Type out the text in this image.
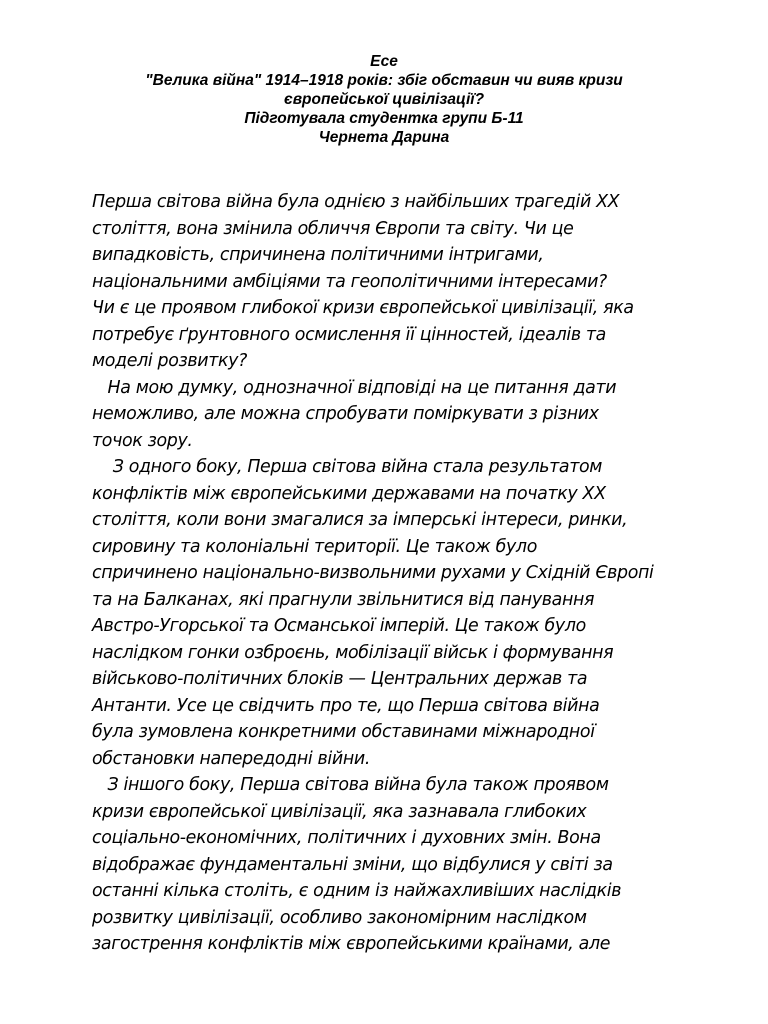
Есе
"Велика війна" 1914–1918 років: збіг обставин чи вияв кризи
європейської цивілізації?
Підготувала студентка групи Б-11
Чернета Дарина
Перша світова війна була однією з найбільших трагедій ХХ
століття, вона змінила обличчя Європи та світу. Чи це
випадковість, спричинена політичними інтригами,
національними амбіціями та геополітичними інтересами?
Чи є це проявом глибокої кризи європейської цивілізації, яка
потребує ґрунтовного осмислення її цінностей, ідеалів та
моделі розвитку?
На мою думку, однозначної відповіді на це питання дати
неможливо, але можна спробувати поміркувати з різних
точок зору.
З одного боку, Перша світова війна стала результатом
конфліктів між європейськими державами на початку ХХ
століття, коли вони змагалися за імперські інтереси, ринки,
сировину та колоніальні території. Це також було
спричинено національно-визвольними рухами у Східній Європі
та на Балканах, які прагнули звільнитися від панування
Австро-Угорської та Османської імперій. Це також було
наслідком гонки озброєнь, мобілізації військ і формування
військово-політичних блоків — Центральних держав та
Антанти. Усе це свідчить про те, що Перша світова війна
була зумовлена конкретними обставинами міжнародної
обстановки напередодні війни.
З іншого боку, Перша світова війна була також проявом
кризи європейської цивілізації, яка зазнавала глибоких
соціально-економічних, політичних і духовних змін. Вона
відображає фундаментальні зміни, що відбулися у світі за
останні кілька століть, є одним із найжахливіших наслідків
розвитку цивілізації, особливо закономірним наслідком
загострення конфліктів між європейськими країнами, але
